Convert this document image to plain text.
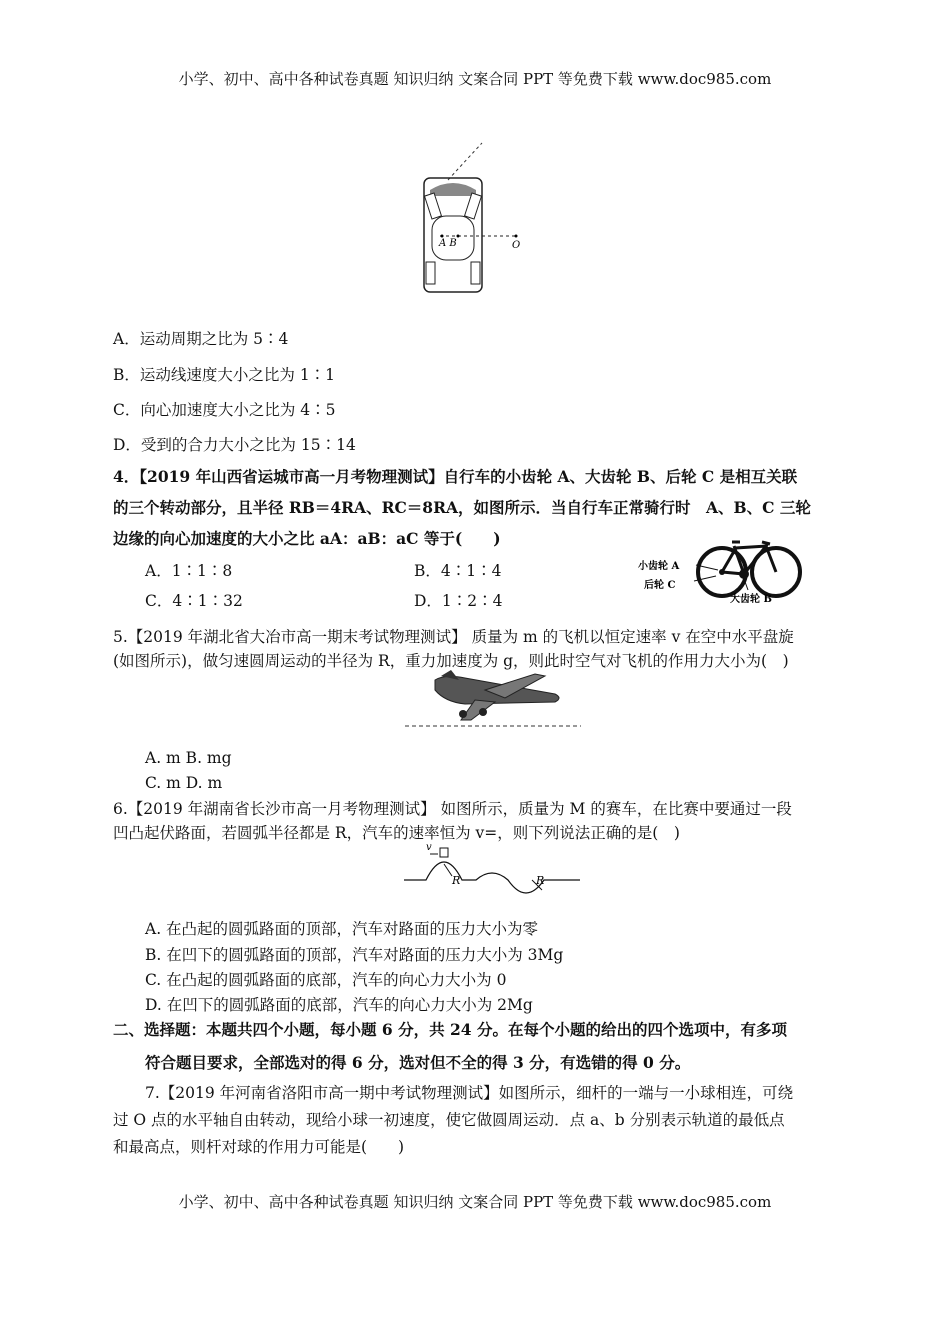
小学、初中、高中各种试卷真题 知识归纳 文案合同 PPT 等免费下载 www.doc985.com
A B	O
A．运动周期之比为 5∶4
B．运动线速度大小之比为 1∶1
C．向心加速度大小之比为 4∶5
D．受到的合力大小之比为 15∶14
4．【2019 年山西省运城市高一月考物理测试】自行车的小齿轮 A、大齿轮 B、后轮 C 是相互关联
的三个转动部分，且半径 RB＝4RA、RC＝8RA，如图所示．当自行车正常骑行时　A、B、C 三轮
边缘的向心加速度的大小之比 aA：aB：aC 等于(　　)
A．1∶1∶8	B．4∶1∶4
C．4∶1∶32	D．1∶2∶4
小齿轮 A
后轮 C
大齿轮 B
5.【2019 年湖北省大冶市高一期末考试物理测试】 质量为 m 的飞机以恒定速率 v 在空中水平盘旋
(如图所示)，做匀速圆周运动的半径为 R，重力加速度为 g，则此时空气对飞机的作用力大小为(　)
A. m B. mg
C. m D. m
6.【2019 年湖南省长沙市高一月考物理测试】 如图所示，质量为 M 的赛车，在比赛中要通过一段
凹凸起伏路面，若圆弧半径都是 R，汽车的速率恒为 v=，则下列说法正确的是(　)
v
R	R
A. 在凸起的圆弧路面的顶部，汽车对路面的压力大小为零
B. 在凹下的圆弧路面的顶部，汽车对路面的压力大小为 3Mg
C. 在凸起的圆弧路面的底部，汽车的向心力大小为 0
D. 在凹下的圆弧路面的底部，汽车的向心力大小为 2Mg
二、选择题：本题共四个小题，每小题 6 分，共 24 分。在每个小题的给出的四个选项中，有多项
符合题目要求，全部选对的得 6 分，选对但不全的得 3 分，有选错的得 0 分。
7.【2019 年河南省洛阳市高一期中考试物理测试】如图所示，细杆的一端与一小球相连，可绕
过 O 点的水平轴自由转动，现给小球一初速度，使它做圆周运动．点 a、b 分别表示轨道的最低点
和最高点，则杆对球的作用力可能是(　　)
小学、初中、高中各种试卷真题 知识归纳 文案合同 PPT 等免费下载 www.doc985.com
